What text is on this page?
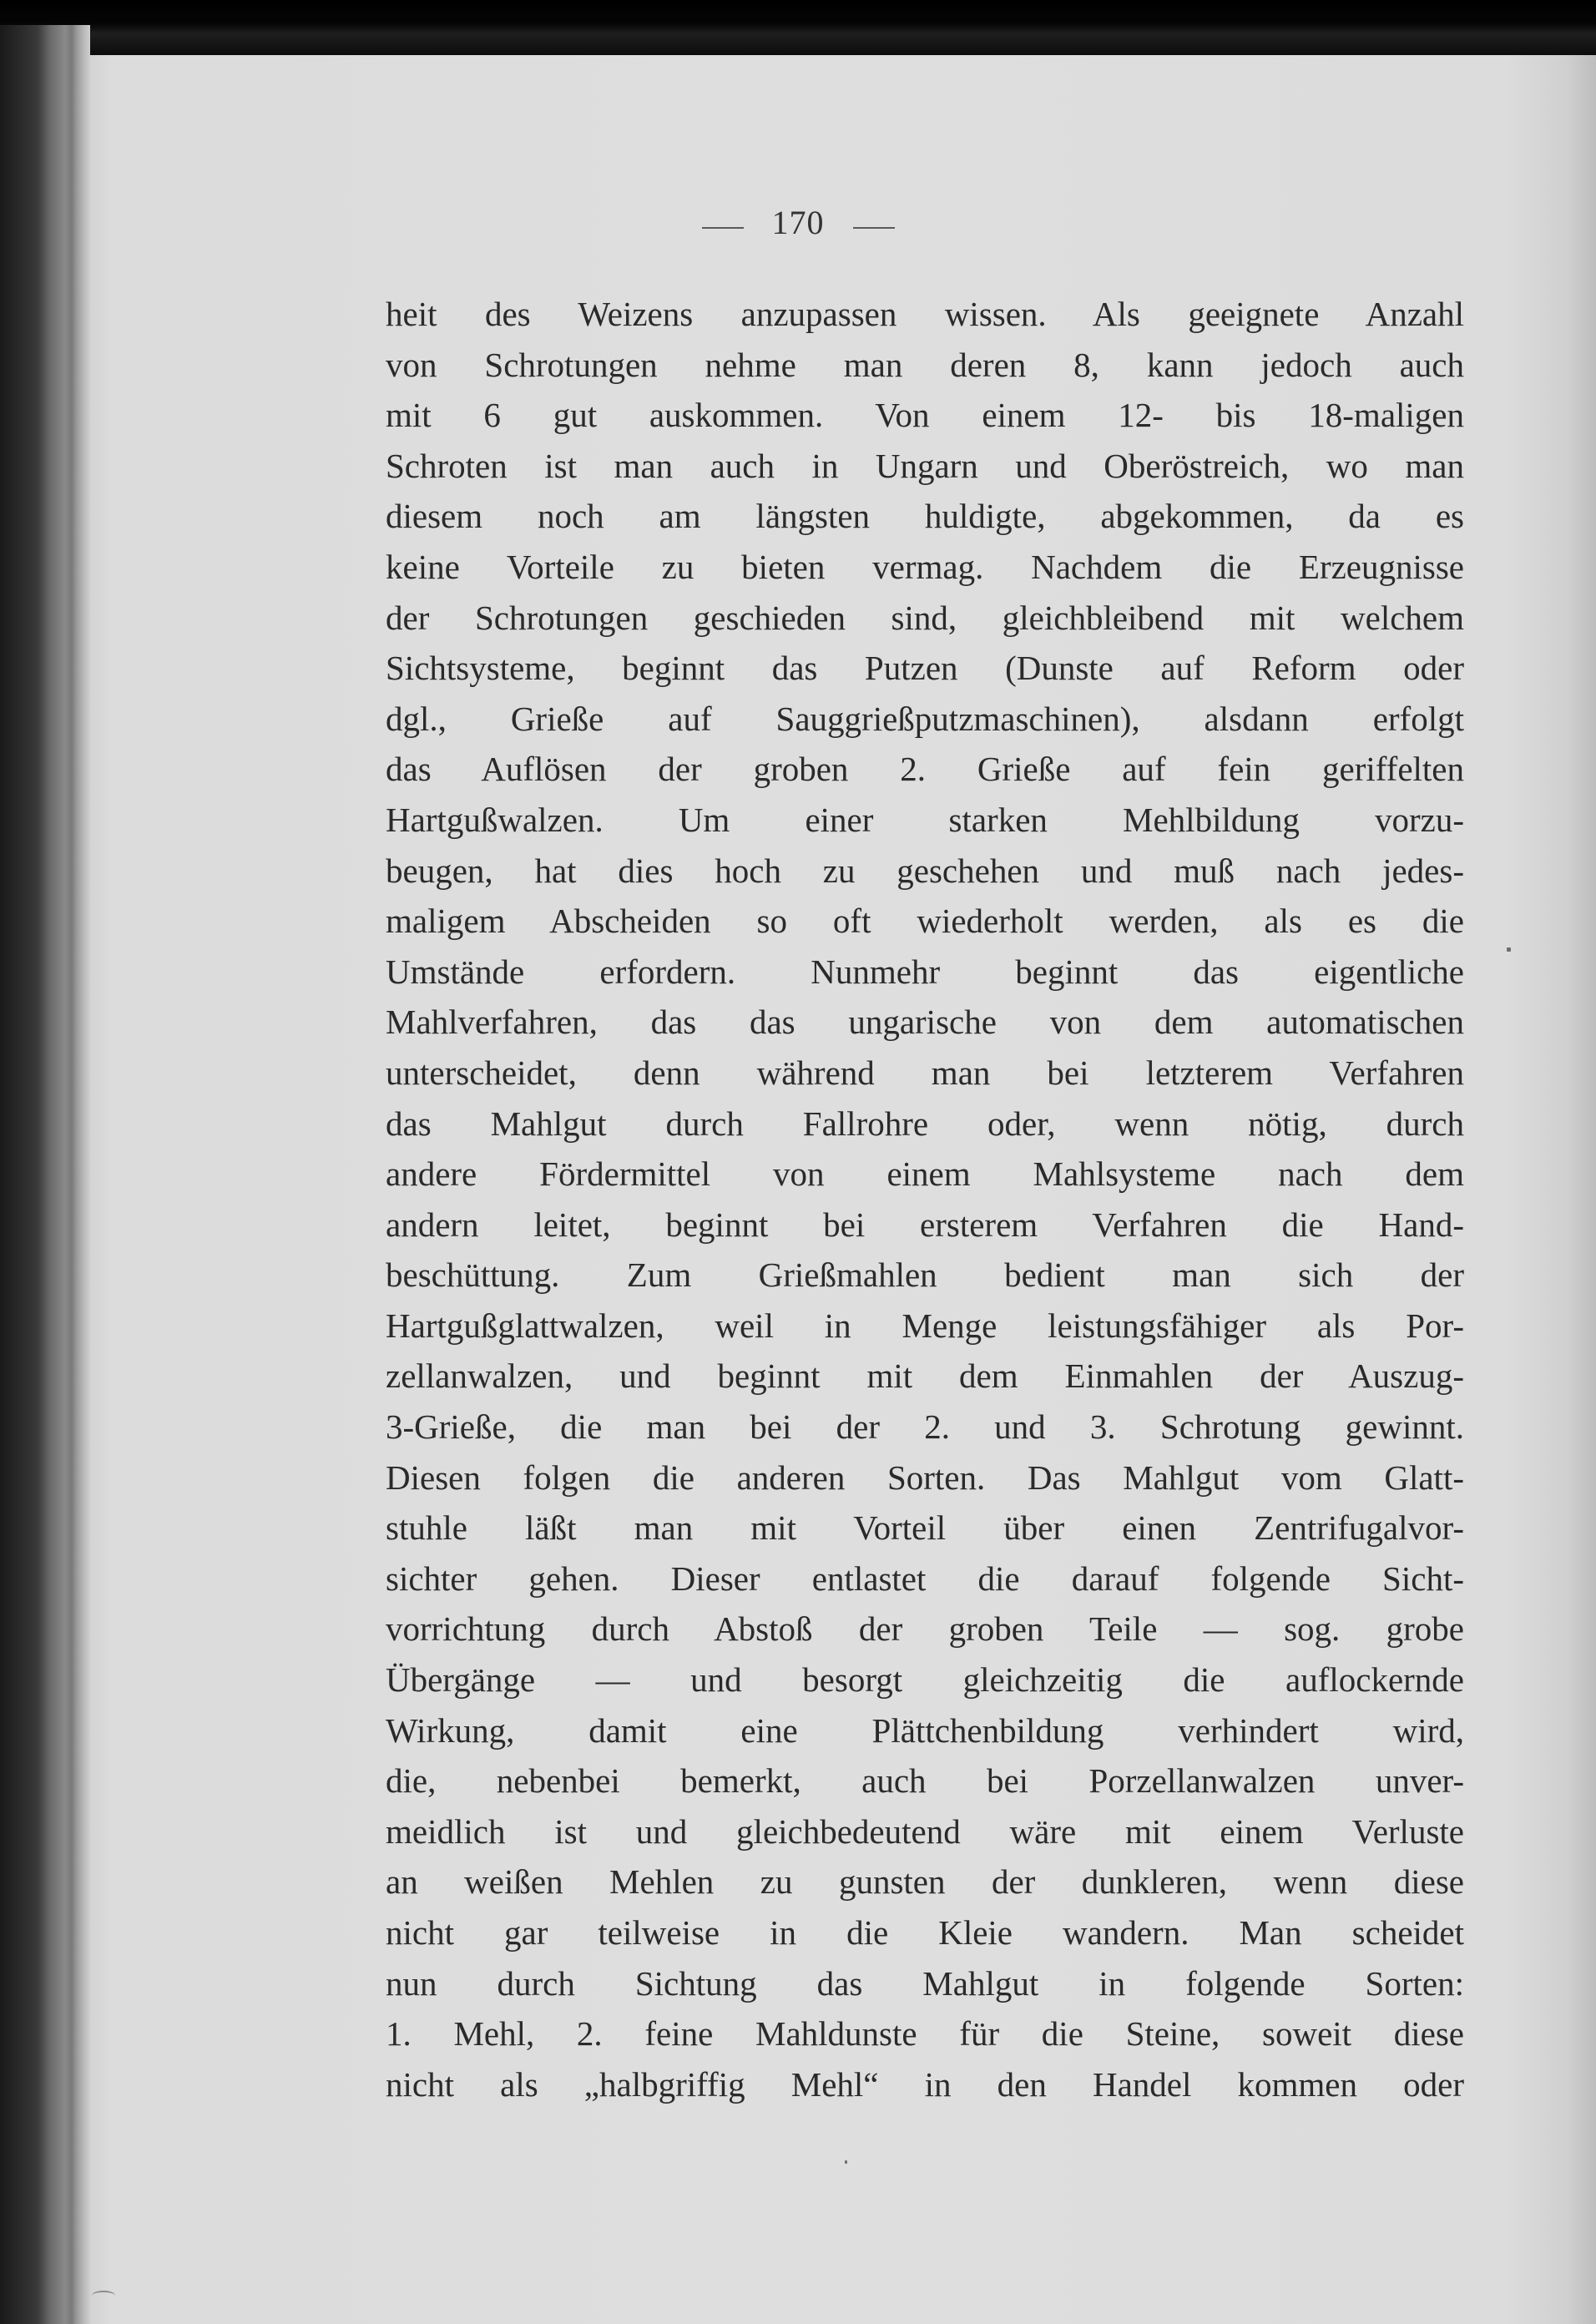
170
heit des Weizens anzupassen wissen. Als geeignete Anzahl
von Schrotungen nehme man deren 8, kann jedoch auch
mit 6 gut auskommen. Von einem 12- bis 18-maligen
Schroten ist man auch in Ungarn und Oberöstreich, wo man
diesem noch am längsten huldigte, abgekommen, da es
keine Vorteile zu bieten vermag. Nachdem die Erzeugnisse
der Schrotungen geschieden sind, gleichbleibend mit welchem
Sichtsysteme, beginnt das Putzen (Dunste auf Reform oder
dgl., Grieße auf Sauggrießputzmaschinen), alsdann erfolgt
das Auflösen der groben 2. Grieße auf fein geriffelten
Hartgußwalzen. Um einer starken Mehlbildung vorzu-
beugen, hat dies hoch zu geschehen und muß nach jedes-
maligem Abscheiden so oft wiederholt werden, als es die
Umstände erfordern. Nunmehr beginnt das eigentliche
Mahlverfahren, das das ungarische von dem automatischen
unterscheidet, denn während man bei letzterem Verfahren
das Mahlgut durch Fallrohre oder, wenn nötig, durch
andere Fördermittel von einem Mahlsysteme nach dem
andern leitet, beginnt bei ersterem Verfahren die Hand-
beschüttung. Zum Grießmahlen bedient man sich der
Hartgußglattwalzen, weil in Menge leistungsfähiger als Por-
zellanwalzen, und beginnt mit dem Einmahlen der Auszug-
3-Grieße, die man bei der 2. und 3. Schrotung gewinnt.
Diesen folgen die anderen Sorten. Das Mahlgut vom Glatt-
stuhle läßt man mit Vorteil über einen Zentrifugalvor-
sichter gehen. Dieser entlastet die darauf folgende Sicht-
vorrichtung durch Abstoß der groben Teile — sog. grobe
Übergänge — und besorgt gleichzeitig die auflockernde
Wirkung, damit eine Plättchenbildung verhindert wird,
die, nebenbei bemerkt, auch bei Porzellanwalzen unver-
meidlich ist und gleichbedeutend wäre mit einem Verluste
an weißen Mehlen zu gunsten der dunkleren, wenn diese
nicht gar teilweise in die Kleie wandern. Man scheidet
nun durch Sichtung das Mahlgut in folgende Sorten:
1. Mehl, 2. feine Mahldunste für die Steine, soweit diese
nicht als „halbgriffig Mehl“ in den Handel kommen oder
